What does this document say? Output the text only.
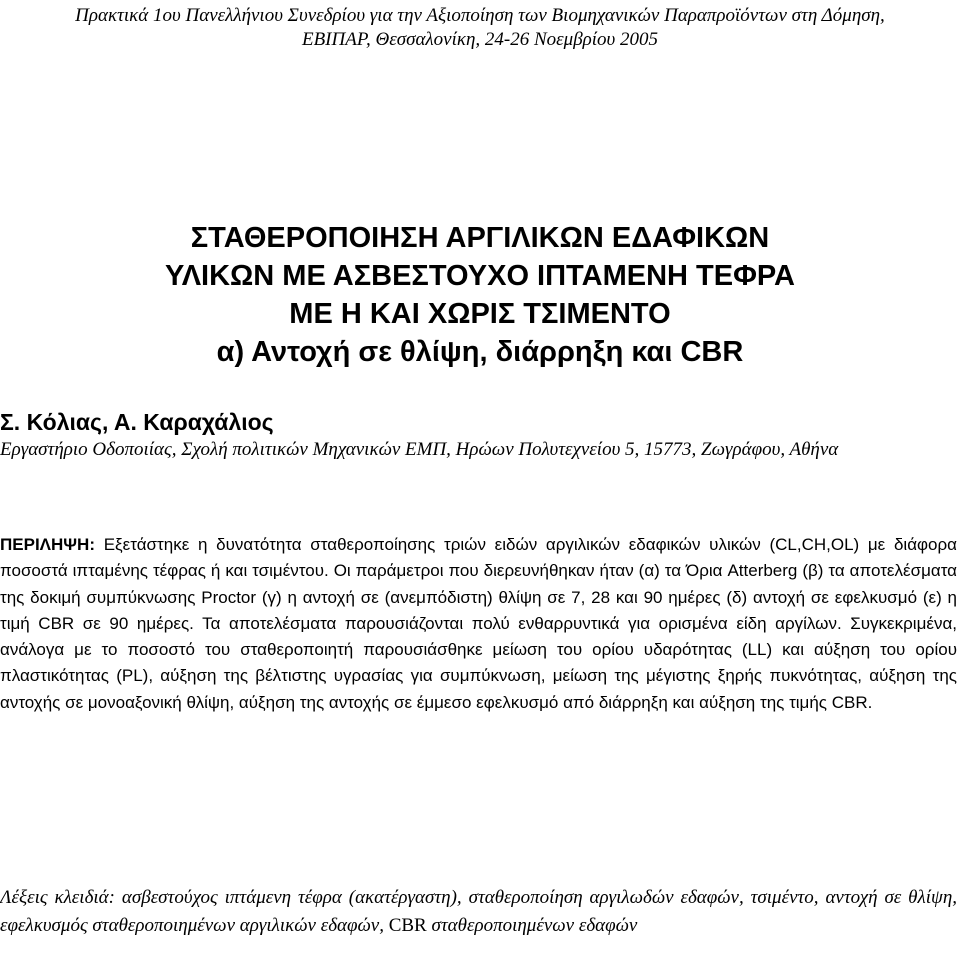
Πρακτικά 1ου Πανελλήνιου Συνεδρίου για την Αξιοποίηση των Βιομηχανικών Παραπροϊόντων στη Δόμηση,
ΕΒΙΠΑΡ, Θεσσαλονίκη, 24-26 Νοεμβρίου 2005
ΣΤΑΘΕΡΟΠΟΙΗΣΗ ΑΡΓΙΛΙΚΩΝ ΕΔΑΦΙΚΩΝ
ΥΛΙΚΩΝ ΜΕ ΑΣΒΕΣΤΟΥΧΟ ΙΠΤΑΜΕΝΗ ΤΕΦΡΑ
ΜΕ Η ΚΑΙ ΧΩΡΙΣ ΤΣΙΜΕΝΤΟ
α) Αντοχή σε θλίψη, διάρρηξη και CBR
Σ. Κόλιας, Α. Καραχάλιος
Εργαστήριο Οδοποιίας, Σχολή πολιτικών Μηχανικών ΕΜΠ, Ηρώων Πολυτεχνείου 5, 15773, Ζωγράφου, Αθήνα
ΠΕΡΙΛΗΨΗ: Εξετάστηκε η δυνατότητα σταθεροποίησης τριών ειδών αργιλικών εδαφικών υλικών (CL,CH,OL) με διάφορα ποσοστά ιπταμένης τέφρας ή και τσιμέντου. Οι παράμετροι που διερευνήθηκαν ήταν (α) τα Όρια Atterberg (β) τα αποτελέσματα της δοκιμή συμπύκνωσης Proctor (γ) η αντοχή σε (ανεμπόδιστη) θλίψη σε 7, 28 και 90 ημέρες (δ) αντοχή σε εφελκυσμό (ε) η τιμή CBR σε 90 ημέρες. Τα αποτελέσματα παρουσιάζονται πολύ ενθαρρυντικά για ορισμένα είδη αργίλων. Συγκεκριμένα, ανάλογα με το ποσοστό του σταθεροποιητή παρουσιάσθηκε μείωση του ορίου υδαρότητας (LL) και αύξηση του ορίου πλαστικότητας (PL), αύξηση της βέλτιστης υγρασίας για συμπύκνωση, μείωση της μέγιστης ξηρής πυκνότητας, αύξηση της αντοχής σε μονοαξονική θλίψη, αύξηση της αντοχής σε έμμεσο εφελκυσμό από διάρρηξη και αύξηση της τιμής CBR.
Λέξεις κλειδιά: ασβεστούχος ιπτάμενη τέφρα (ακατέργαστη), σταθεροποίηση αργιλωδών εδαφών, τσιμέντο, αντοχή σε θλίψη, εφελκυσμός σταθεροποιημένων αργιλικών εδαφών, CBR σταθεροποιημένων εδαφών
